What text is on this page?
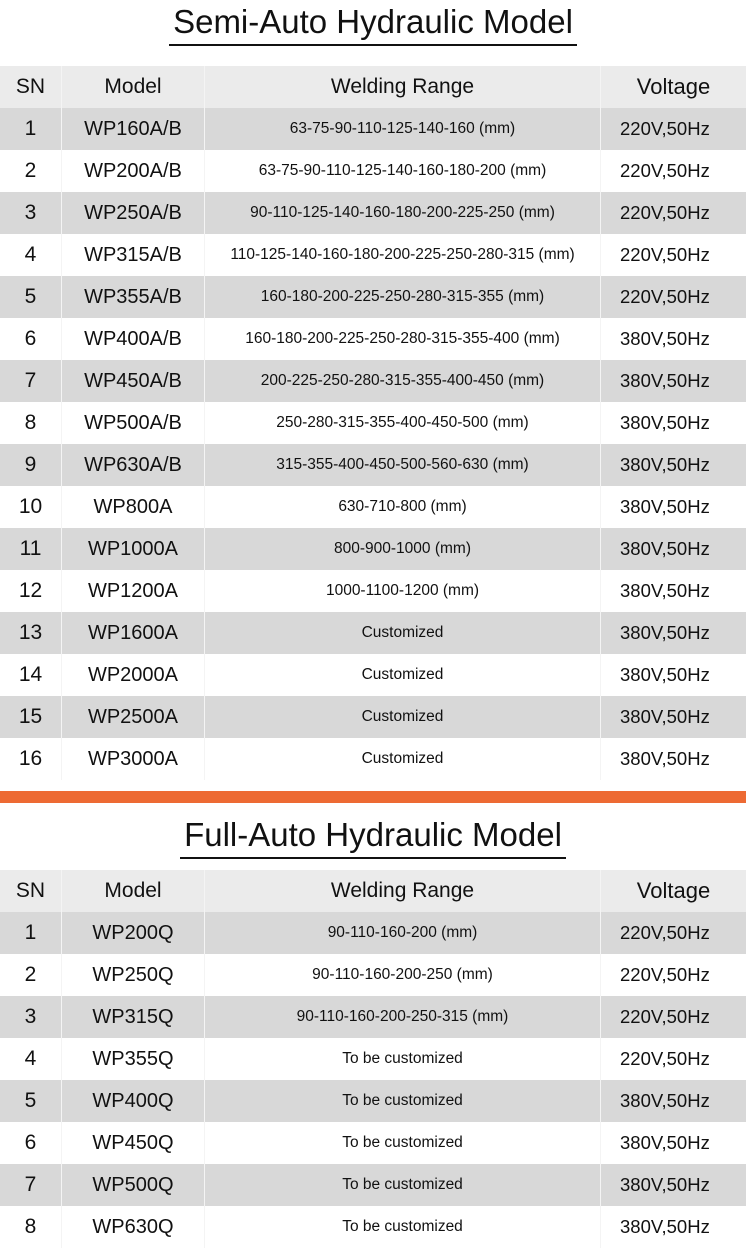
Semi-Auto Hydraulic Model
SN	Model	Welding Range	Voltage
1	WP160A/B	63-75-90-110-125-140-160 (mm)	220V,50Hz
2	WP200A/B	63-75-90-110-125-140-160-180-200 (mm)	220V,50Hz
3	WP250A/B	90-110-125-140-160-180-200-225-250 (mm)	220V,50Hz
4	WP315A/B	110-125-140-160-180-200-225-250-280-315 (mm)	220V,50Hz
5	WP355A/B	160-180-200-225-250-280-315-355 (mm)	220V,50Hz
6	WP400A/B	160-180-200-225-250-280-315-355-400 (mm)	380V,50Hz
7	WP450A/B	200-225-250-280-315-355-400-450 (mm)	380V,50Hz
8	WP500A/B	250-280-315-355-400-450-500 (mm)	380V,50Hz
9	WP630A/B	315-355-400-450-500-560-630 (mm)	380V,50Hz
10	WP800A	630-710-800 (mm)	380V,50Hz
11	WP1000A	800-900-1000 (mm)	380V,50Hz
12	WP1200A	1000-1100-1200 (mm)	380V,50Hz
13	WP1600A	Customized	380V,50Hz
14	WP2000A	Customized	380V,50Hz
15	WP2500A	Customized	380V,50Hz
16	WP3000A	Customized	380V,50Hz
Full-Auto Hydraulic Model
SN	Model	Welding Range	Voltage
1	WP200Q	90-110-160-200 (mm)	220V,50Hz
2	WP250Q	90-110-160-200-250 (mm)	220V,50Hz
3	WP315Q	90-110-160-200-250-315 (mm)	220V,50Hz
4	WP355Q	To be customized	220V,50Hz
5	WP400Q	To be customized	380V,50Hz
6	WP450Q	To be customized	380V,50Hz
7	WP500Q	To be customized	380V,50Hz
8	WP630Q	To be customized	380V,50Hz
